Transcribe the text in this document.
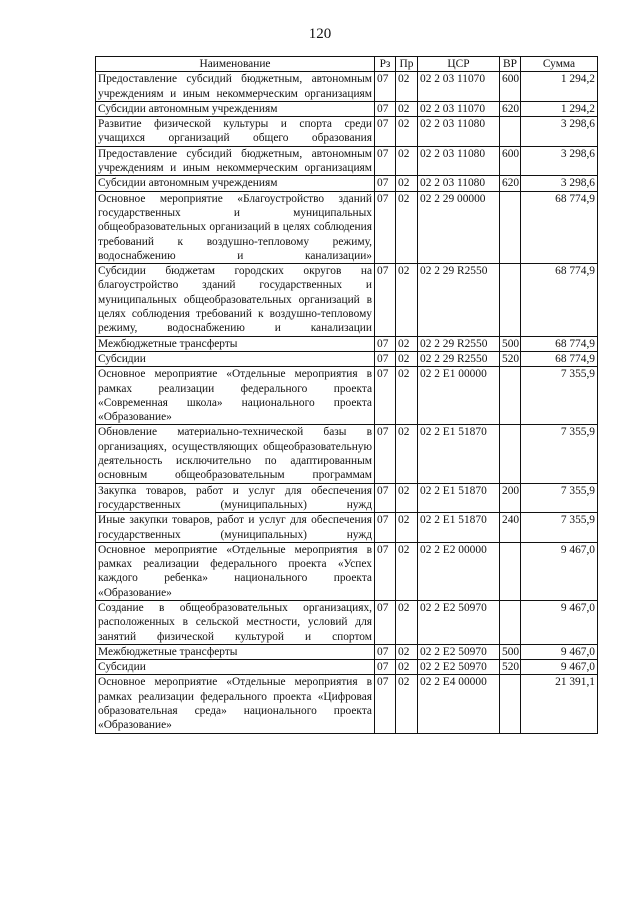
120
Наименование	Рз	Пр	ЦСР	ВР	Сумма
Предоставление субсидий бюджетным, автономным учреждениям и иным некоммерческим организациям	07	02	02 2 03 11070	600	1 294,2
Субсидии автономным учреждениям	07	02	02 2 03 11070	620	1 294,2
Развитие физической культуры и спорта среди учащихся организаций общего образования	07	02	02 2 03 11080		3 298,6
Предоставление субсидий бюджетным, автономным учреждениям и иным некоммерческим организациям	07	02	02 2 03 11080	600	3 298,6
Субсидии автономным учреждениям	07	02	02 2 03 11080	620	3 298,6
Основное мероприятие «Благоустройство зданий государственных и муниципальных общеобразовательных организаций в целях соблюдения требований к воздушно-тепловому режиму, водоснабжению и канализации»	07	02	02 2 29 00000		68 774,9
Субсидии бюджетам городских округов на благоустройство зданий государственных и муниципальных общеобразовательных организаций в целях соблюдения требований к воздушно-тепловому режиму, водоснабжению и канализации	07	02	02 2 29 R2550		68 774,9
Межбюджетные трансферты	07	02	02 2 29 R2550	500	68 774,9
Субсидии	07	02	02 2 29 R2550	520	68 774,9
Основное мероприятие «Отдельные мероприятия в рамках реализации федерального проекта «Современная школа» национального проекта «Образование»	07	02	02 2 E1 00000		7 355,9
Обновление материально-технической базы в организациях, осуществляющих общеобразовательную деятельность исключительно по адаптированным основным общеобразовательным программам	07	02	02 2 E1 51870		7 355,9
Закупка товаров, работ и услуг для обеспечения государственных (муниципальных) нужд	07	02	02 2 E1 51870	200	7 355,9
Иные закупки товаров, работ и услуг для обеспечения государственных (муниципальных) нужд	07	02	02 2 E1 51870	240	7 355,9
Основное мероприятие «Отдельные мероприятия в рамках реализации федерального проекта «Успех каждого ребенка» национального проекта «Образование»	07	02	02 2 E2 00000		9 467,0
Создание в общеобразовательных организациях, расположенных в сельской местности, условий для занятий физической культурой и спортом	07	02	02 2 E2 50970		9 467,0
Межбюджетные трансферты	07	02	02 2 E2 50970	500	9 467,0
Субсидии	07	02	02 2 E2 50970	520	9 467,0
Основное мероприятие «Отдельные мероприятия в рамках реализации федерального проекта «Цифровая образовательная среда» национального проекта «Образование»	07	02	02 2 E4 00000		21 391,1
